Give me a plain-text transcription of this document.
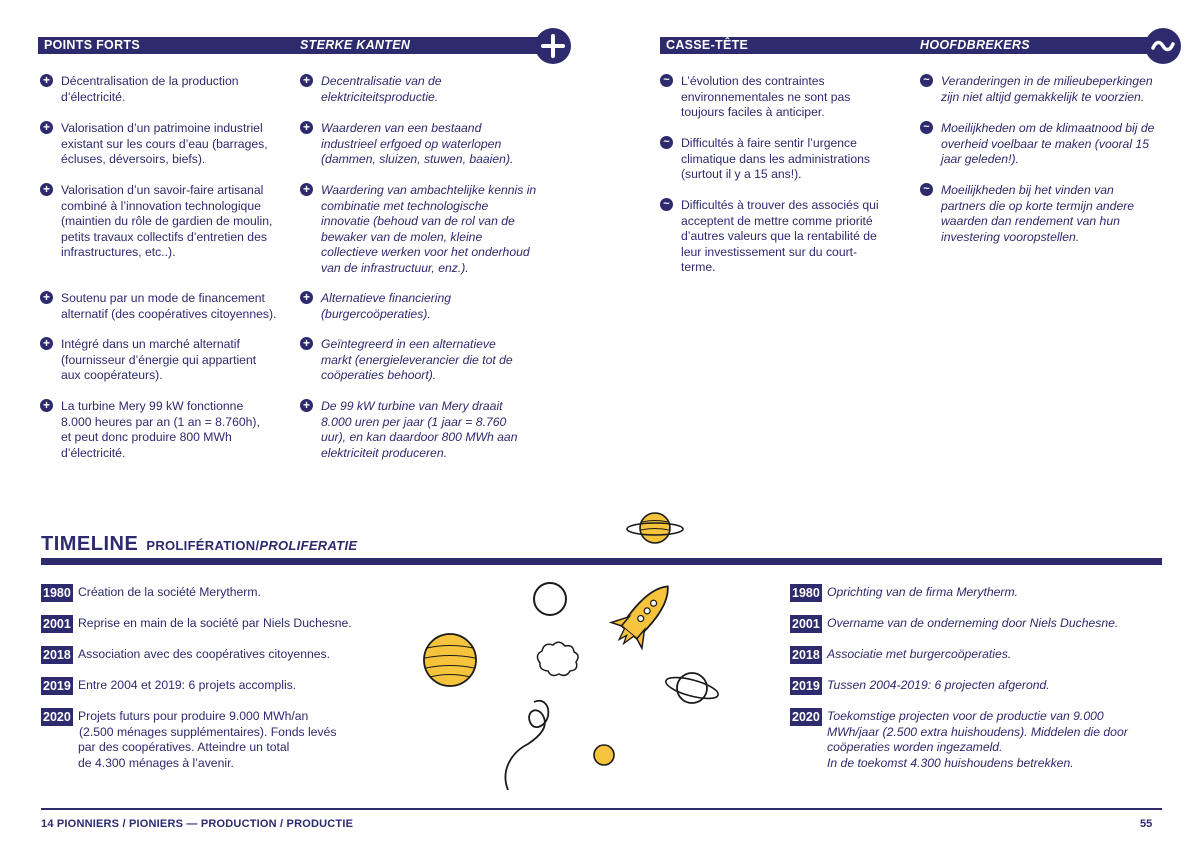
POINTS FORTS	STERKE KANTEN	CASSE-TÊTE	HOOFDBREKERS
+ Décentralisation de la production d’électricité.
+ Valorisation d’un patrimoine industriel existant sur les cours d’eau (barrages, écluses, déversoirs, biefs).
+ Valorisation d’un savoir-faire artisanal combiné à l’innovation technologique (maintien du rôle de gardien de moulin, petits travaux collectifs d’entretien des infrastructures, etc..).
+ Soutenu par un mode de financement alternatif (des coopératives citoyennes).
+ Intégré dans un marché alternatif (fournisseur d’énergie qui appartient aux coopérateurs).
+ La turbine Mery 99 kW fonctionne 8.000 heures par an (1 an = 8.760h), et peut donc produire 800 MWh d’électricité.
+ Decentralisatie van de elektriciteitsproductie.
+ Waarderen van een bestaand industrieel erfgoed op waterlopen (dammen, sluizen, stuwen, baaien).
+ Waardering van ambachtelijke kennis in combinatie met technologische innovatie (behoud van de rol van de bewaker van de molen, kleine collectieve werken voor het onderhoud van de infrastructuur, enz.).
+ Alternatieve financiering (burgercoöperaties).
+ Geïntegreerd in een alternatieve markt (energieleverancier die tot de coöperaties behoort).
+ De 99 kW turbine van Mery draait 8.000 uren per jaar (1 jaar = 8.760 uur), en kan daardoor 800 MWh aan elektriciteit produceren.
~ L’évolution des contraintes environnementales ne sont pas toujours faciles à anticiper.
~ Difficultés à faire sentir l’urgence climatique dans les administrations (surtout il y a 15 ans!).
~ Difficultés à trouver des associés qui acceptent de mettre comme priorité d’autres valeurs que la rentabilité de leur investissement sur du court-terme.
~ Veranderingen in de milieubeperkingen zijn niet altijd gemakkelijk te voorzien.
~ Moeilijkheden om de klimaatnood bij de overheid voelbaar te maken (vooral 15 jaar geleden!).
~ Moeilijkheden bij het vinden van partners die op korte termijn andere waarden dan rendement van hun investering vooropstellen.
TIMELINE PROLIFÉRATION/PROLIFERATIE
1980 Création de la société Merytherm.
2001 Reprise en main de la société par Niels Duchesne.
2018 Association avec des coopératives citoyennes.
2019 Entre 2004 et 2019: 6 projets accomplis.
2020 Projets futurs pour produire 9.000 MWh/an
(2.500 ménages supplémentaires). Fonds levés
par des coopératives. Atteindre un total
de 4.300 ménages à l’avenir.
1980 Oprichting van de firma Merytherm.
2001 Overname van de onderneming door Niels Duchesne.
2018 Associatie met burgercoöperaties.
2019 Tussen 2004-2019: 6 projecten afgerond.
2020 Toekomstige projecten voor de productie van 9.000
MWh/jaar (2.500 extra huishoudens). Middelen die door
coöperaties worden ingezameld.
In de toekomst 4.300 huishoudens betrekken.
14 PIONNIERS / PIONIERS — PRODUCTION / PRODUCTIE	55
